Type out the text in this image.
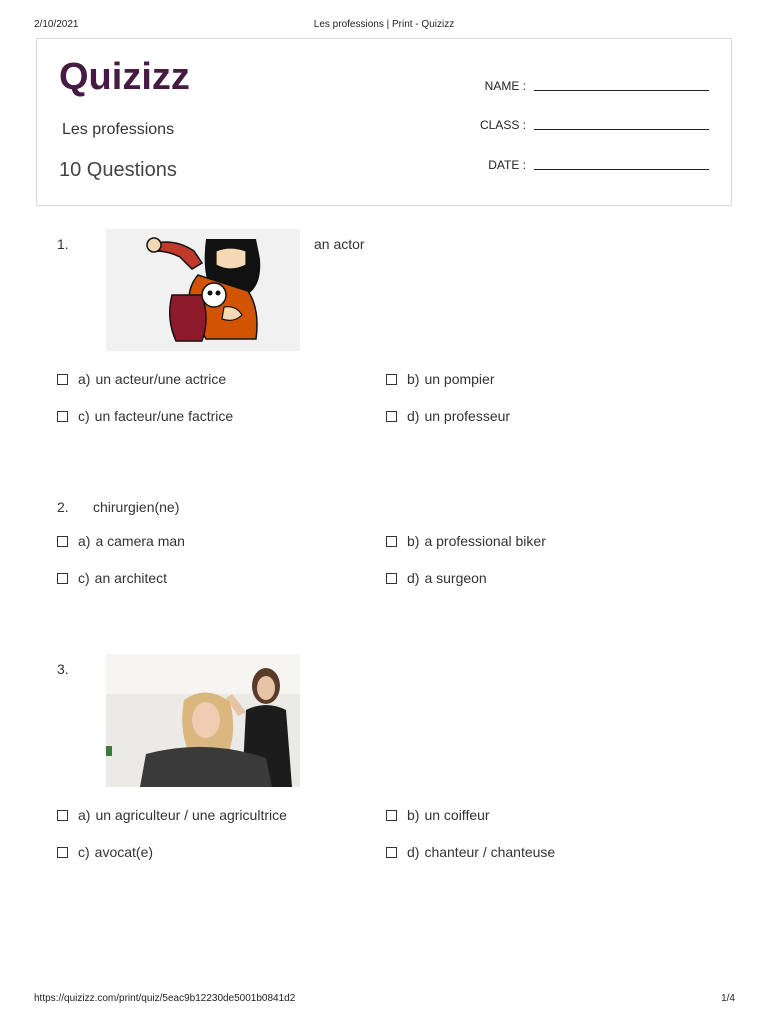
2/10/2021	Les professions | Print - Quizizz
https://quizizz.com/print/quiz/5eac9b12230de5001b0841d2	1/4
Quizizz
Les professions
10 Questions
NAME :
CLASS :
DATE :
1.	an actor
a) un acteur/une actrice	b) un pompier
c) un facteur/une factrice	d) un professeur
2. chirurgien(ne)
a) a camera man	b) a professional biker
c) an architect	d) a surgeon
3.
a) un agriculteur / une agricultrice	b) un coiffeur
c) avocat(e)	d) chanteur / chanteuse
